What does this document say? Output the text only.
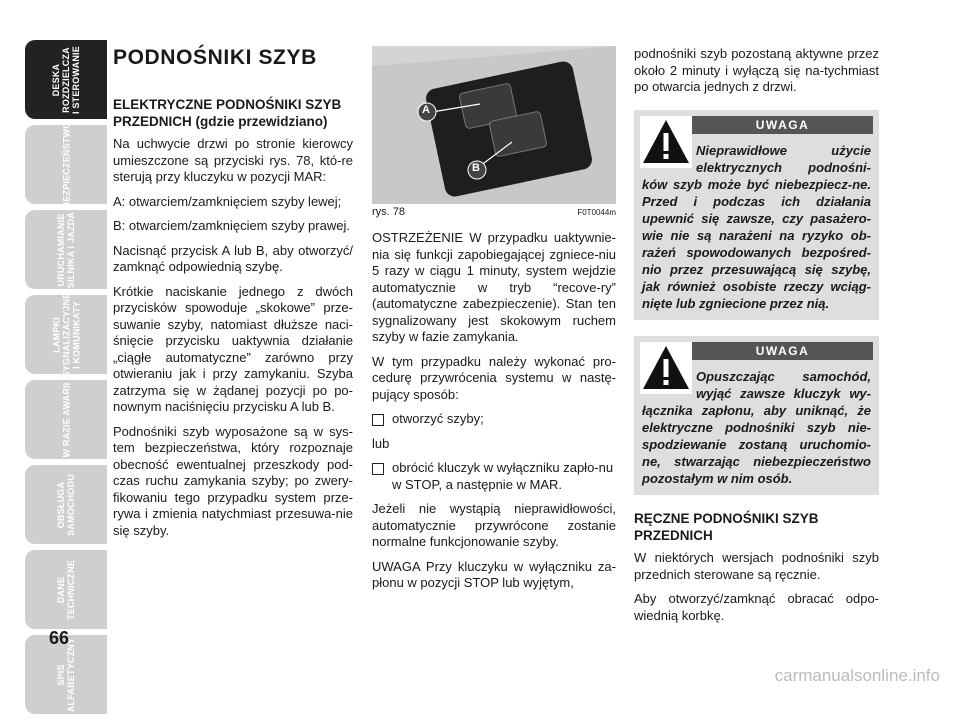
DESKA
ROZDZIELCZA
I STEROWANIE
BEZPIECZEŃSTWO
URUCHAMIANIE
SILNIKA I JAZDA
LAMPKI
SYGNALIZACYJNE
I KOMUNIKATY
W RAZIE AWARII
OBSŁUGA
SAMOCHODU
DANE
TECHNICZNE
SPIS
ALFABETYCZNY
66
PODNOŚNIKI SZYB
ELEKTRYCZNE PODNOŚNIKI SZYB PRZEDNICH (gdzie przewidziano)

Na uchwycie drzwi po stronie kierowcy umieszczone są przyciski rys. 78, któ-re sterują przy kluczyku w pozycji MAR:

A: otwarciem/zamknięciem szyby lewej;

B: otwarciem/zamknięciem szyby prawej.

Nacisnąć przycisk A lub B, aby otworzyć/ zamknąć odpowiednią szybę.

Krótkie naciskanie jednego z dwóch przycisków spowoduje „skokowe” prze-suwanie szyby, natomiast dłuższe naci-śnięcie przycisku uaktywnia działanie „ciągłe automatyczne” zarówno przy otwieraniu jak i przy zamykaniu. Szyba zatrzyma się w żądanej pozycji po po-nownym naciśnięciu przycisku A lub B.

Podnośniki szyb wyposażone są w sys-tem bezpieczeństwa, który rozpoznaje obecność ewentualnej przeszkody pod-czas ruchu zamykania szyby; po zwery-fikowaniu tego przypadku system prze-rywa i zmienia natychmiast przesuwa-nie się szyby.

A
B
rys. 78	F0T0044m

OSTRZEŻENIE W przypadku uaktywnie-nia się funkcji zapobiegającej zgniece-niu 5 razy w ciągu 1 minuty, system wejdzie automatycznie w tryb “recove-ry” (automatyczne zabezpieczenie). Stan ten sygnalizowany jest skokowym ruchem szyby w fazie zamykania.

W tym przypadku należy wykonać pro-cedurę przywrócenia systemu w nastę-pujący sposób:

otworzyć szyby;

lub

obrócić kluczyk w wyłączniku zapło-nu w STOP, a następnie w MAR.

Jeżeli nie wystąpią nieprawidłowości, automatycznie przywrócone zostanie normalne funkcjonowanie szyby.

UWAGA Przy kluczyku w wyłączniku za-płonu w pozycji STOP lub wyjętym,

podnośniki szyb pozostaną aktywne przez około 2 minuty i wyłączą się na-tychmiast po otwarcia jednych z drzwi.

UWAGA
Nieprawidłowe użycie elektrycznych podnośni-ków szyb może być niebezpiecz-ne. Przed i podczas ich działania upewnić się zawsze, czy pasażero-wie nie są narażeni na ryzyko ob-rażeń spowodowanych bezpośred-nio przez przesuwającą się szybę, jak również osobiste rzeczy wciąg-nięte lub zgniecione przez nią.
UWAGA
Opuszczając samochód, wyjąć zawsze kluczyk wy-łącznika zapłonu, aby uniknąć, że elektryczne podnośniki szyb nie-spodziewanie zostaną uruchomio-ne, stwarzając niebezpieczeństwo pozostałym w nim osób.
RĘCZNE PODNOŚNIKI SZYB PRZEDNICH

W niektórych wersjach podnośniki szyb przednich sterowane są ręcznie.

Aby otworzyć/zamknąć obracać odpo-wiednią korbkę.

carmanualsonline.info
